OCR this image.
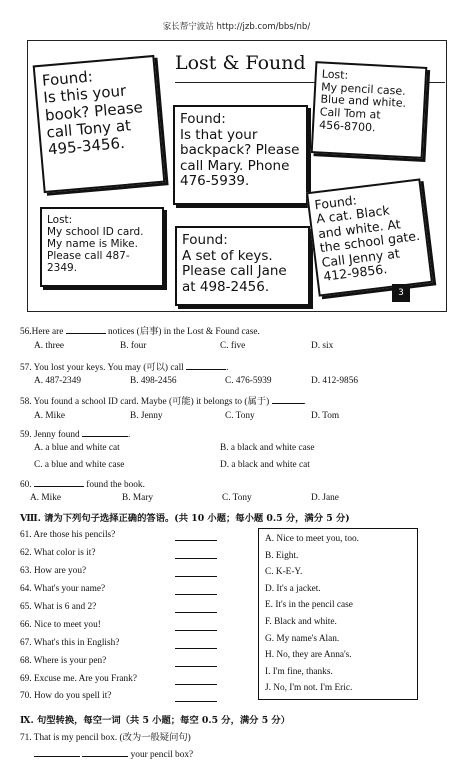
家长帮宁波站 http://jzb.com/bbs/nb/
Lost & Found

Found:
Is this your
book? Please
call Tony at
495-3456.

Found:
Is that your
backpack? Please
call Mary. Phone
476-5939.

Lost:
My pencil case.
Blue and white.
Call Tom at
456-8700.

Lost:
My school ID card.
My name is Mike.
Please call 487-
2349.

Found:
A set of keys.
Please call Jane
at 498-2456.

Found:
A cat. Black
and white. At
the school gate.
Call Jenny at
412-9856.

3
56.Here are	notices (启事) in the Lost & Found case.
A. three	B. four	C. five	D. six
57. You lost your keys. You may (可以) call	.
A. 487-2349	B. 498-2456	C. 476-5939	D. 412-9856
58. You found a school ID card. Maybe (可能) it belongs to (属于)	.
A. Mike	B. Jenny	C. Tony	D. Tom
59. Jenny found	.
A. a blue and white cat	B. a black and white case
C. a blue and white case	D. a black and white cat
60.	found the book.
A. Mike	B. Mary	C. Tony	D. Jane
Ⅷ. 请为下列句子选择正确的答语。(共 10 小题；每小题 0.5 分，满分 5 分)
61. Are those his pencils?
62. What color is it?
63. How are you?
64. What's your name?
65. What is 6 and 2?
66. Nice to meet you!
67. What's this in English?
68. Where is your pen?
69. Excuse me. Are you Frank?
70. How do you spell it?
A. Nice to meet you, too.
B. Eight.
C. K-E-Y.
D. It's a jacket.
E. It's in the pencil case
F. Black and white.
G. My name's Alan.
H. No, they are Anna's.
I. I'm fine, thanks.
J. No, I'm not. I'm Eric.
Ⅸ. 句型转换，每空一词（共 5 小题；每空 0.5 分，满分 5 分）
71. That is my pencil box. (改为一般疑问句)
your pencil box?
